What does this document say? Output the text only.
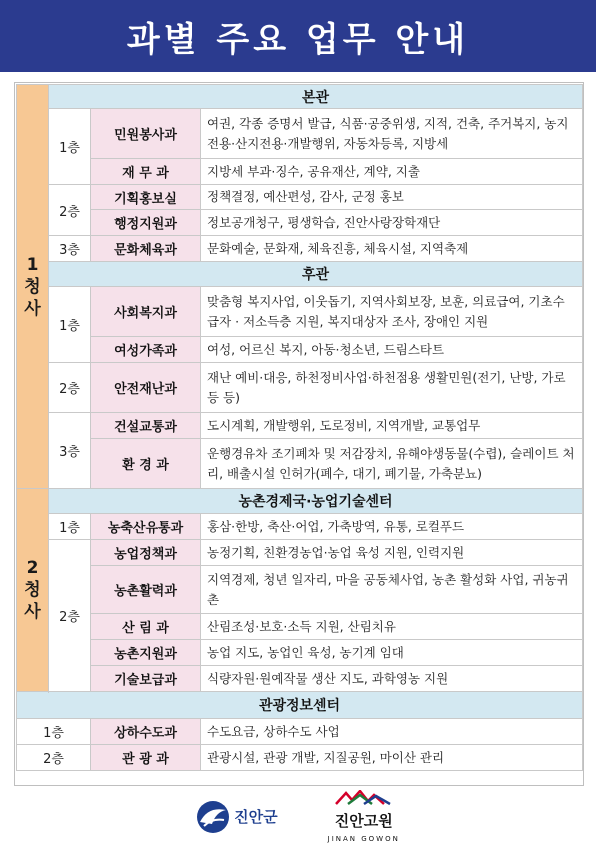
과별 주요 업무 안내
1
청
사	본관		
	1층	민원봉사과	여권, 각종 증명서 발급, 식품·공중위생, 지적, 건축, 주거복지, 농지전용·산지전용·개발행위, 자동차등록, 지방세

		재 무 과	지방세 부과·징수, 공유재산, 계약, 지출
	2층	기획홍보실	정책결정, 예산편성, 감사, 군정 홍보
		행정지원과	정보공개청구, 평생학습, 진안사랑장학재단
	3층	문화체육과	문화예술, 문화재, 체육진흥, 체육시설, 지역축제
	후관		
	1층	사회복지과	맞춤형 복지사업, 이웃돕기, 지역사회보장, 보훈, 의료급여, 기초수급자 · 저소득층 지원, 복지대상자 조사, 장애인 지원

		여성가족과	여성, 어르신 복지, 아동·청소년, 드림스타트
	2층	안전재난과	재난 예비·대응, 하천정비사업·하천점용 생활민원(전기, 난방, 가로등 등)

	3층	건설교통과	도시계획, 개발행위, 도로정비, 지역개발, 교통업무
		환 경 과	운행경유차 조기폐차 및 저감장치, 유해야생동물(수렵), 슬레이트 처리, 배출시설 인허가(폐수, 대기, 폐기물, 가축분뇨)

2
청
사	농촌경제국·농업기술센터		
	1층	농축산유통과	홍삼·한방, 축산·어업, 가축방역, 유통, 로컬푸드
	2층	농업정책과	농정기획, 친환경농업·농업 육성 지원, 인력지원
		농촌활력과	지역경제, 청년 일자리, 마을 공동체사업, 농촌 활성화 사업, 귀농귀촌

		산 림 과	산림조성·보호·소득 지원, 산림치유
		농촌지원과	농업 지도, 농업인 육성, 농기계 임대
		기술보급과	식량자원·원예작물 생산 지도, 과학영농 지원

관광정보센터			
1층		상하수도과	수도요금, 상하수도 사업
2층		관 광 과	관광시설, 관광 개발, 지질공원, 마이산 관리
진안군	진안고원
JINAN GOWON
